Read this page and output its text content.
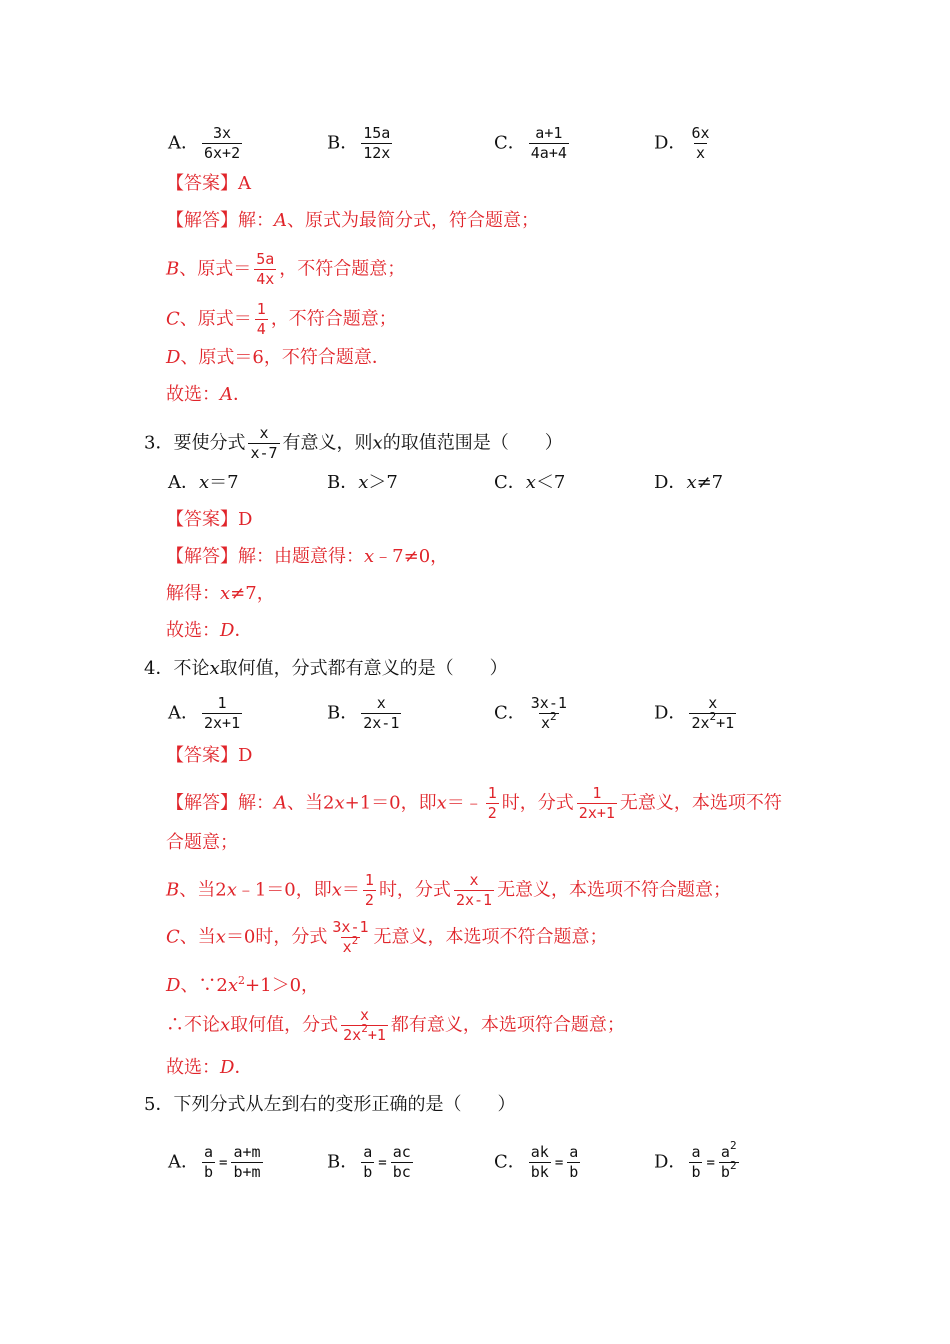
A． $\frac{3x}{6x+2}$	B． $\frac{15a}{12x}$	C． $\frac{a+1}{4a+4}$	D． $\frac{6x}{x}$
【答案】A
【解答】解：A、原式为最简分式，符合题意；
B、原式＝ $\frac{5a}{4x}$ ，不符合题意；
C、原式＝ $\frac{1}{4}$ ，不符合题意；
D、原式＝6，不符合题意．
故选：A．
3．要使分式 $\frac{x}{x-7}$ 有意义，则x的取值范围是（　　）
A．x＝7	B．x＞7	C．x＜7	D．x≠7
【答案】D
【解答】解：由题意得：x﹣7≠0，
解得：x≠7，
故选：D．
4．不论x取何值，分式都有意义的是（　　）
A． $\frac{1}{2x+1}$	B． $\frac{x}{2x-1}$	C． $\frac{3x-1}{x^2}$	D． $\frac{x}{2x^2+1}$
【答案】D
【解答】解：A、当2x+1＝0，即x＝﹣ $\frac{1}{2}$ 时，分式 $\frac{1}{2x+1}$ 无意义，本选项不符
合题意；
B、当2x﹣1＝0，即$x= \frac{1}{2}$ 时，分式 $\frac{x}{2x-1}$ 无意义，本选项不符合题意；
C、当x＝0时，分式 $\frac{3x-1}{x^2}$ 无意义，本选项不符合题意；
D、$\because 2x^2+1>0$，
∴不论x取何值，分式 $\frac{x}{2x^2+1}$ 都有意义，本选项符合题意；
故选：D．
5．下列分式从左到右的变形正确的是（　　）
A． $\frac{a}{b} = \frac{a+m}{b+m}$	B． $\frac{a}{b} = \frac{ac}{bc}$	C． $\frac{ak}{bk} = \frac{a}{b}$	D． $\frac{a}{b} = \frac{a^2}{b^2}$
